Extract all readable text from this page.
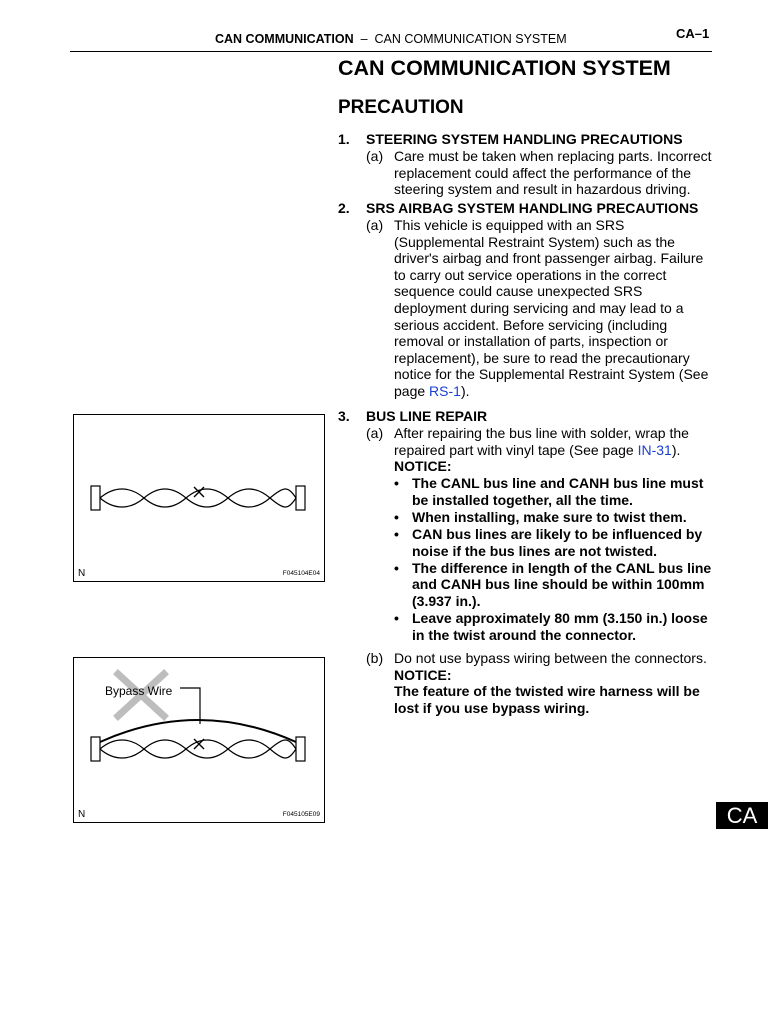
CAN COMMUNICATION – CAN COMMUNICATION SYSTEM	CA–1
CAN COMMUNICATION SYSTEM
PRECAUTION
1. STEERING SYSTEM HANDLING PRECAUTIONS
(a) Care must be taken when replacing parts. Incorrect replacement could affect the performance of the steering system and result in hazardous driving.
2. SRS AIRBAG SYSTEM HANDLING PRECAUTIONS
(a) This vehicle is equipped with an SRS (Supplemental Restraint System) such as the driver's airbag and front passenger airbag. Failure to carry out service operations in the correct sequence could cause unexpected SRS deployment during servicing and may lead to a serious accident. Before servicing (including removal or installation of parts, inspection or replacement), be sure to read the precautionary notice for the Supplemental Restraint System (See page RS-1).
3. BUS LINE REPAIR
(a) After repairing the bus line with solder, wrap the repaired part with vinyl tape (See page IN-31).
NOTICE:
• The CANL bus line and CANH bus line must be installed together, all the time.
• When installing, make sure to twist them.
• CAN bus lines are likely to be influenced by noise if the bus lines are not twisted.
• The difference in length of the CANL bus line and CANH bus line should be within 100mm (3.937 in.).
• Leave approximately 80 mm (3.150 in.) loose in the twist around the connector.
(b) Do not use bypass wiring between the connectors.
NOTICE:
The feature of the twisted wire harness will be lost if you use bypass wiring.
N	F045104E04
Bypass Wire
N	F045105E09	CA
